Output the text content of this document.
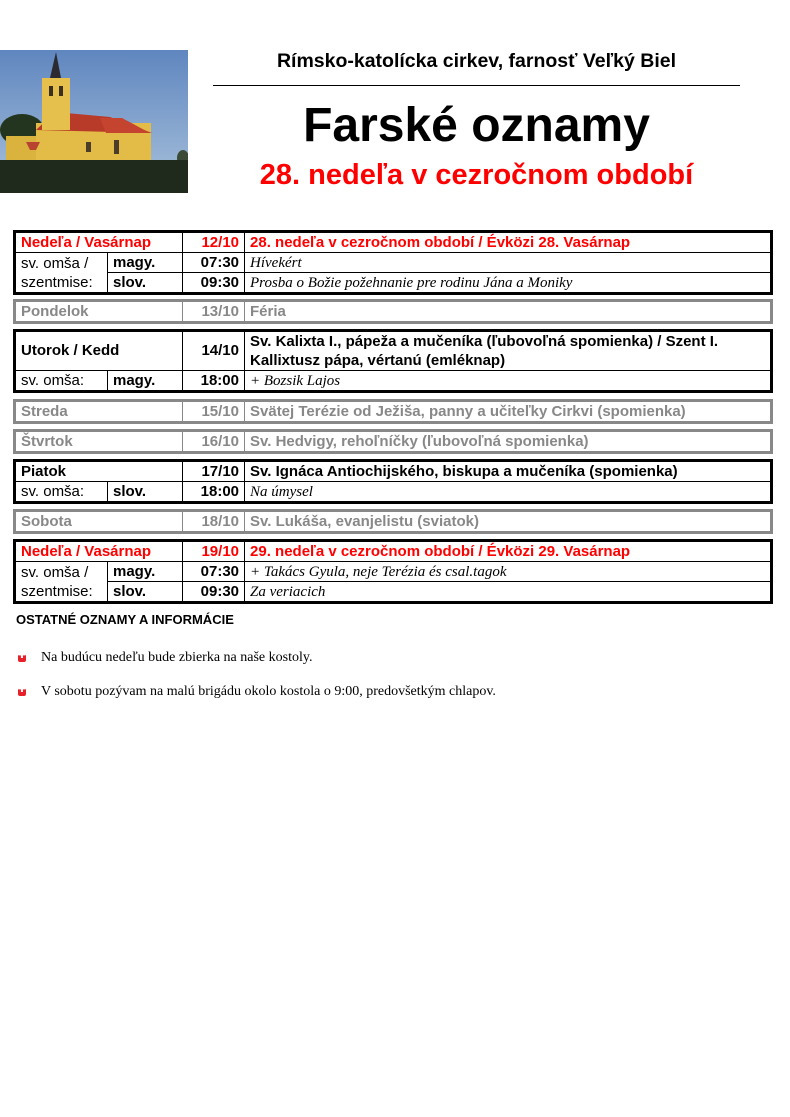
Rímsko-katolícka cirkev, farnosť Veľký Biel
Farské oznamy
28. nedeľa v cezročnom období
Nedeľa / Vasárnap		12/10	28. nedeľa v cezročnom období / Évközi 28. Vasárnap
sv. omša / szentmise:	magy.	07:30	Hívekért
	slov.	09:30	Prosba o Božie požehnanie pre rodinu Jána a Moniky
Pondelok	13/10	Féria
Utorok / Kedd		14/10	Sv. Kalixta I., pápeža a mučeníka (ľubovoľná spomienka) / Szent I. Kallixtusz pápa, vértanú (emléknap)
sv. omša:	magy.	18:00	+ Bozsik Lajos
Streda	15/10	Svätej Terézie od Ježiša, panny a učiteľky Cirkvi (spomienka)
Štvrtok	16/10	Sv. Hedvigy, rehoľníčky (ľubovoľná spomienka)
Piatok		17/10	Sv. Ignáca Antiochijského, biskupa a mučeníka (spomienka)
sv. omša:	slov.	18:00	Na úmysel
Sobota	18/10	Sv. Lukáša, evanjelistu (sviatok)
Nedeľa / Vasárnap		19/10	29. nedeľa v cezročnom období / Évközi 29. Vasárnap
sv. omša / szentmise:	magy.	07:30	+ Takács Gyula, neje Terézia és csal.tagok
	slov.	09:30	Za veriacich
OSTATNÉ OZNAMY A INFORMÁCIE
✚
Na budúcu nedeľu bude zbierka na naše kostoly.
✚
V sobotu pozývam na malú brigádu okolo kostola o 9:00, predovšetkým chlapov.
